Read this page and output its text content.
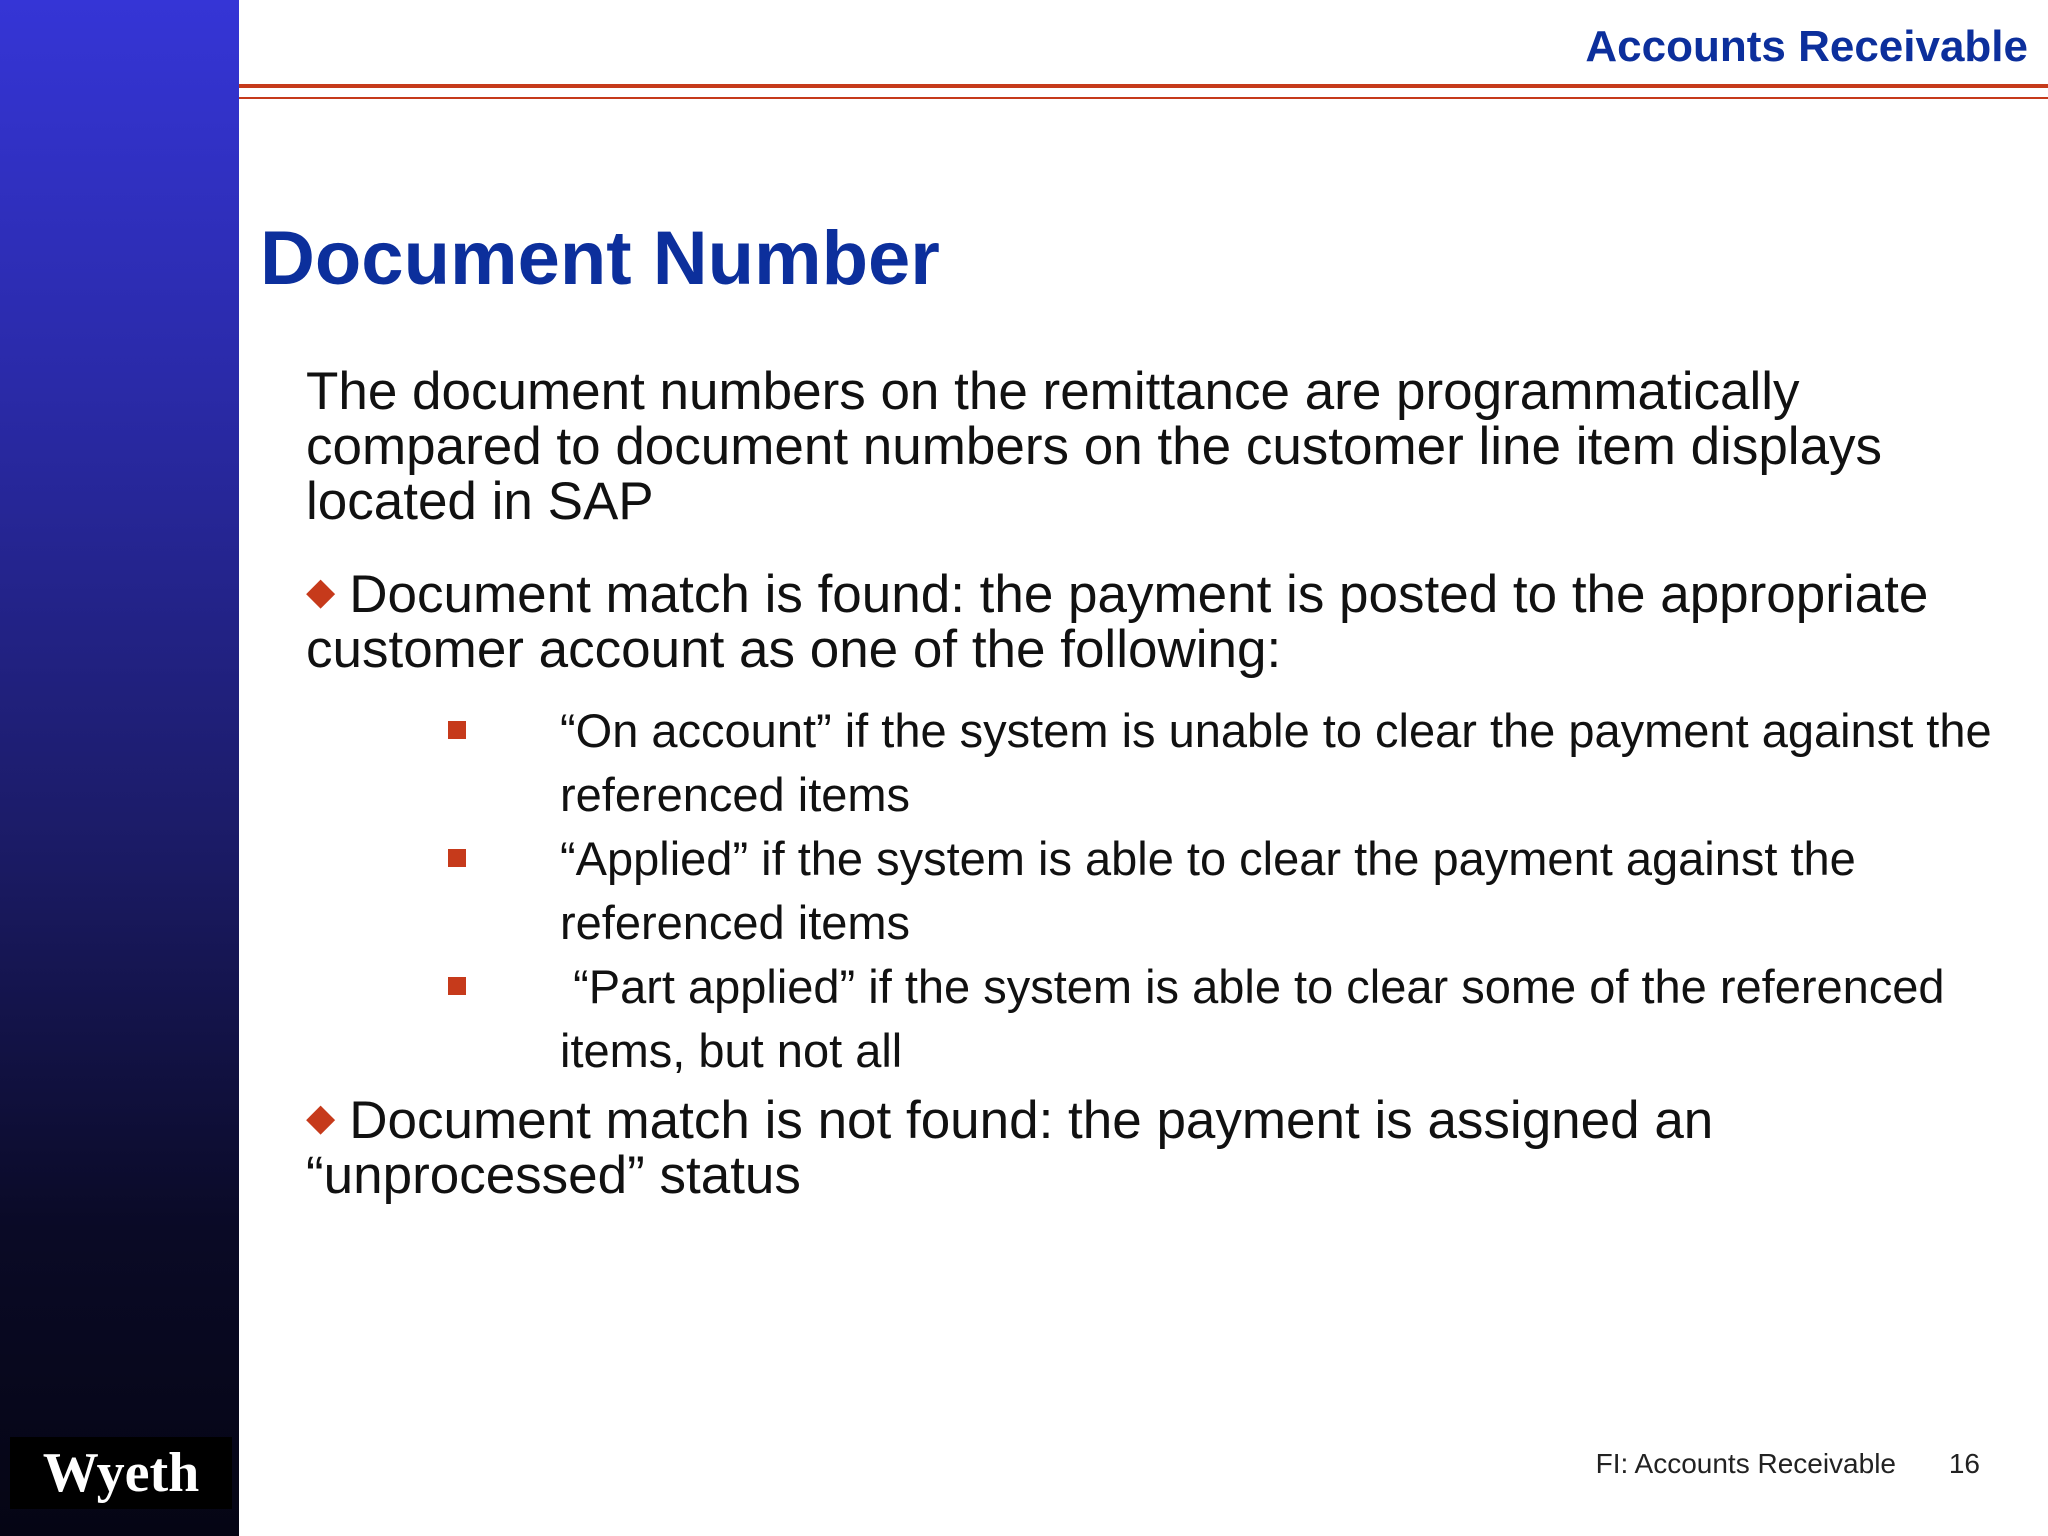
Wyeth
Accounts Receivable
Document Number

The document numbers on the remittance are programmatically compared to document numbers on the customer line item displays located in SAP

◆ Document match is found: the payment is posted to the appropriate customer account as one of the following:

“On account” if the system is unable to clear the payment against the referenced items
“Applied” if the system is able to clear the payment against the referenced items
“Part applied” if the system is able to clear some of the referenced items, but not all

◆ Document match is not found: the payment is assigned an “unprocessed” status

FI: Accounts Receivable 16
